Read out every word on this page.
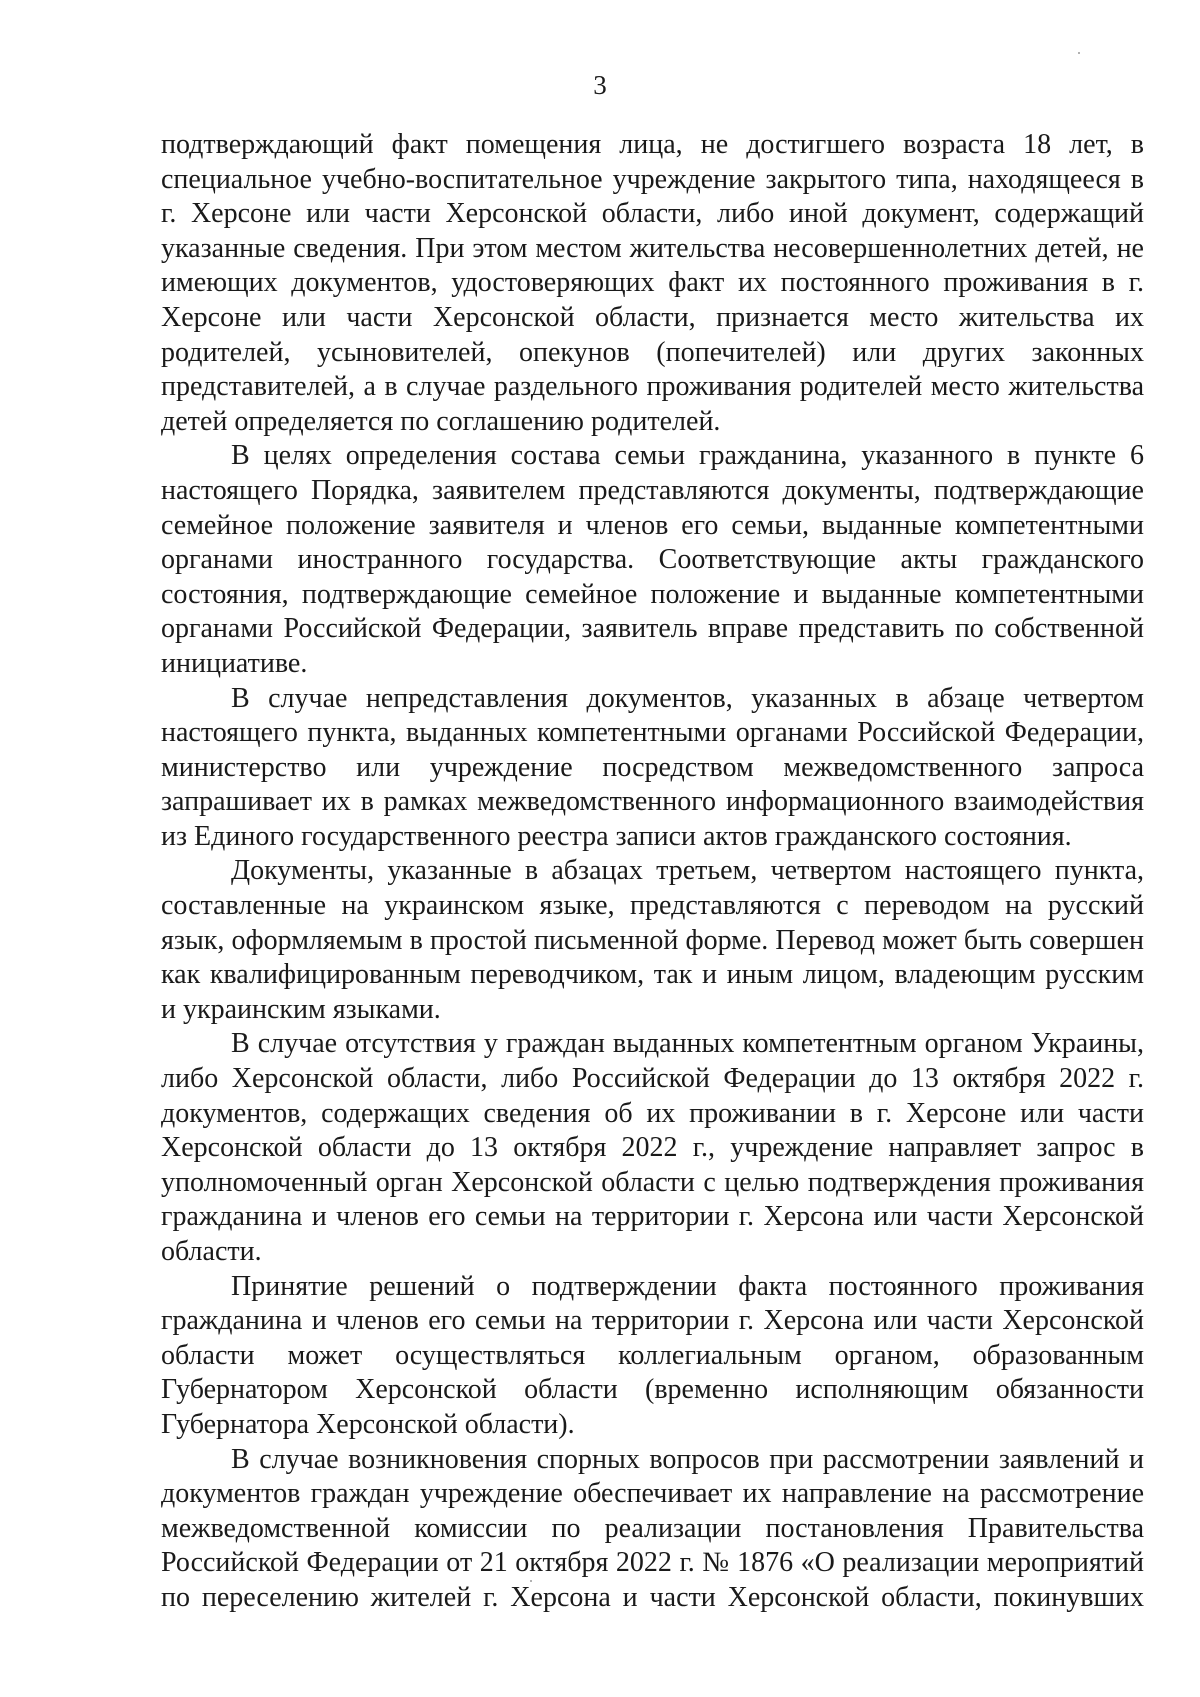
3

подтверждающий факт помещения лица, не достигшего возраста 18 лет, в специальное учебно-воспитательное учреждение закрытого типа, находящееся в г. Херсоне или части Херсонской области, либо иной документ, содержащий указанные сведения. При этом местом жительства несовершеннолетних детей, не имеющих документов, удостоверяющих факт их постоянного проживания в г. Херсоне или части Херсонской области, признается место жительства их родителей, усыновителей, опекунов (попечителей) или других законных представителей, а в случае раздельного проживания родителей место жительства детей определяется по соглашению родителей.

В целях определения состава семьи гражданина, указанного в пункте 6 настоящего Порядка, заявителем представляются документы, подтверждающие семейное положение заявителя и членов его семьи, выданные компетентными органами иностранного государства. Соответствующие акты гражданского состояния, подтверждающие семейное положение и выданные компетентными органами Российской Федерации, заявитель вправе представить по собственной инициативе.

В случае непредставления документов, указанных в абзаце четвертом настоящего пункта, выданных компетентными органами Российской Федерации, министерство или учреждение посредством межведомственного запроса запрашивает их в рамках межведомственного информационного взаимодействия из Единого государственного реестра записи актов гражданского состояния.

Документы, указанные в абзацах третьем, четвертом настоящего пункта, составленные на украинском языке, представляются с переводом на русский язык, оформляемым в простой письменной форме. Перевод может быть совершен как квалифицированным переводчиком, так и иным лицом, владеющим русским и украинским языками.

В случае отсутствия у граждан выданных компетентным органом Украины, либо Херсонской области, либо Российской Федерации до 13 октября 2022 г. документов, содержащих сведения об их проживании в г. Херсоне или части Херсонской области до 13 октября 2022 г., учреждение направляет запрос в уполномоченный орган Херсонской области с целью подтверждения проживания гражданина и членов его семьи на территории г. Херсона или части Херсонской области.

Принятие решений о подтверждении факта постоянного проживания гражданина и членов его семьи на территории г. Херсона или части Херсонской области может осуществляться коллегиальным органом, образованным Губернатором Херсонской области (временно исполняющим обязанности Губернатора Херсонской области).

В случае возникновения спорных вопросов при рассмотрении заявлений и документов граждан учреждение обеспечивает их направление на рассмотрение межведомственной комиссии по реализации постановления Правительства Российской Федерации от 21 октября 2022 г. № 1876 «О реализации мероприятий по переселению жителей г. Херсона и части Херсонской области, покинувших
